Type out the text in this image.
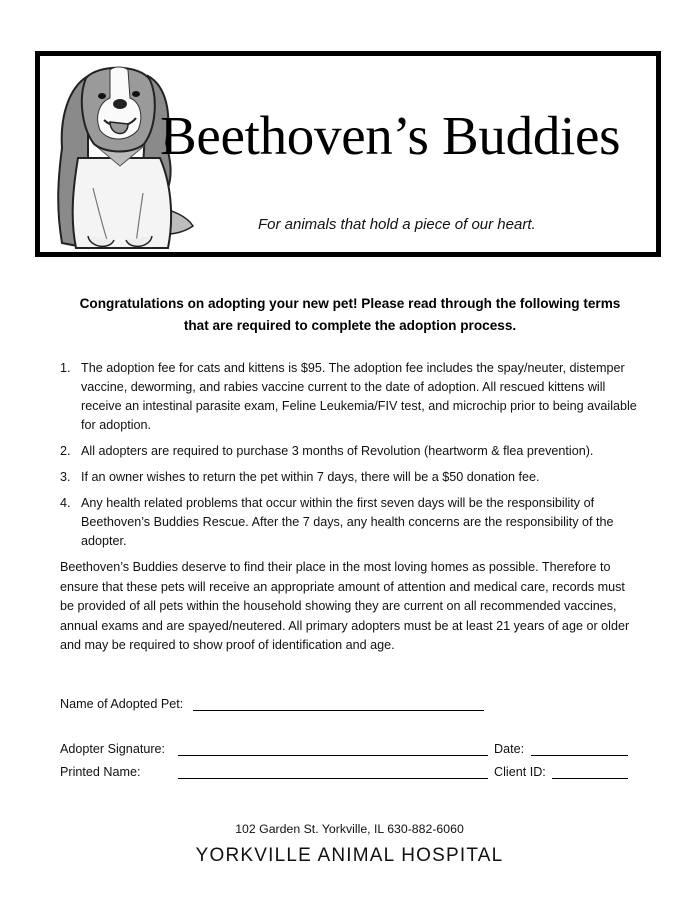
Beethoven’s Buddies
For animals that hold a piece of our heart.
Congratulations on adopting your new pet! Please read through the following terms
that are required to complete the adoption process.
1. The adoption fee for cats and kittens is $95. The adoption fee includes the spay/neuter, distemper vaccine, deworming, and rabies vaccine current to the date of adoption. All rescued kittens will receive an intestinal parasite exam, Feline Leukemia/FIV test, and microchip prior to being available for adoption.
2. All adopters are required to purchase 3 months of Revolution (heartworm & flea prevention).
3. If an owner wishes to return the pet within 7 days, there will be a $50 donation fee.
4. Any health related problems that occur within the first seven days will be the responsibility of Beethoven’s Buddies Rescue. After the 7 days, any health concerns are the responsibility of the adopter.
Beethoven’s Buddies deserve to find their place in the most loving homes as possible. Therefore to ensure that these pets will receive an appropriate amount of attention and medical care, records must be provided of all pets within the household showing they are current on all recommended vaccines, annual exams and are spayed/neutered. All primary adopters must be at least 21 years of age or older and may be required to show proof of identification and age.
Name of Adopted Pet:
Adopter Signature:	Date:
Printed Name:	Client ID:
102 Garden St. Yorkville, IL 630-882-6060
YORKVILLE ANIMAL HOSPITAL
